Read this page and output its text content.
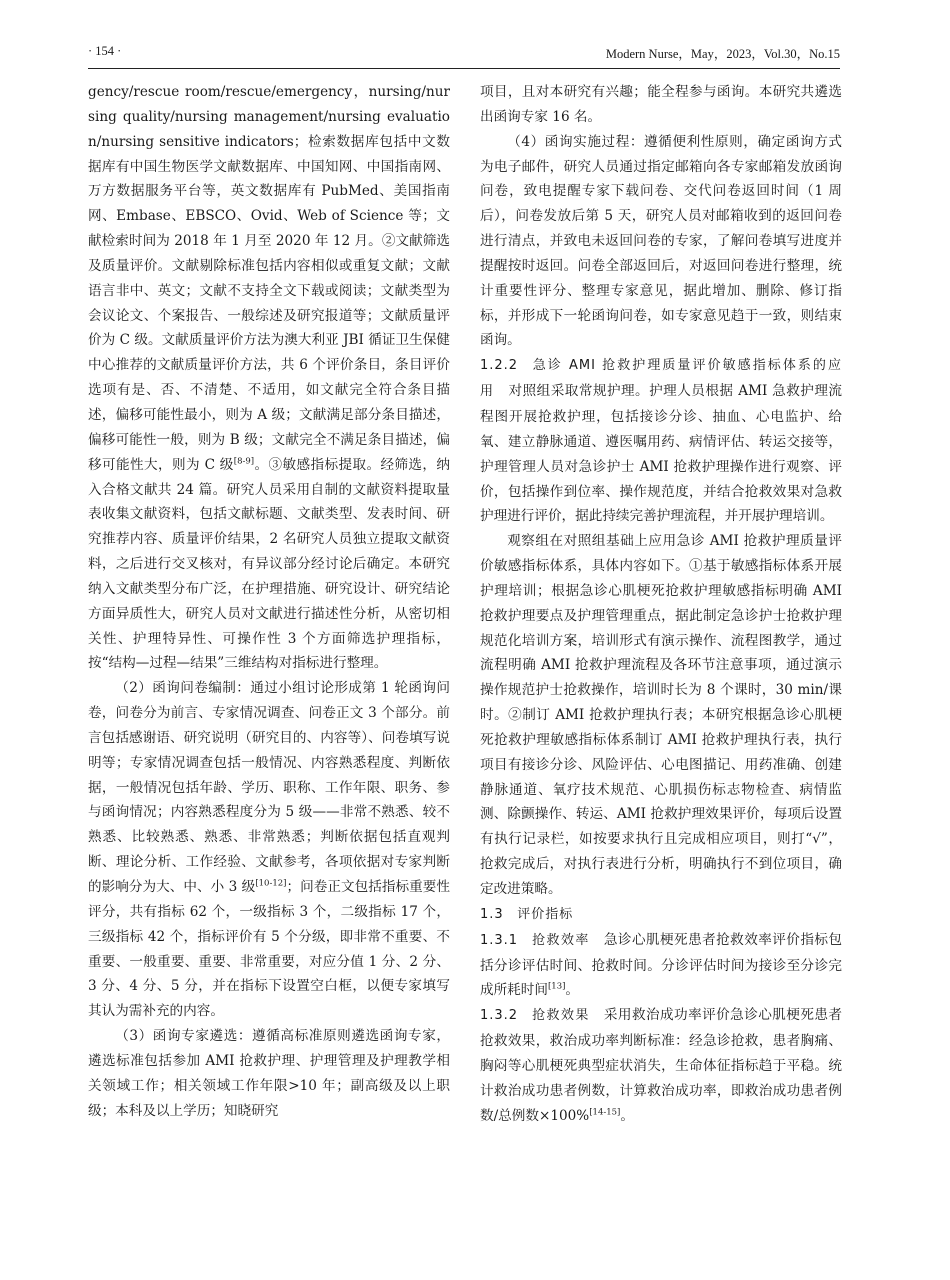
· 154 ·	Modern Nurse，May，2023，Vol.30，No.15

gency/rescue room/rescue/emergency，nursing/nursing quality/nursing management/nursing evaluation/nursing sensitive indicators；检索数据库包括中文数据库有中国生物医学文献数据库、中国知网、中国指南网、万方数据服务平台等，英文数据库有 PubMed、美国指南网、Embase、EBSCO、Ovid、Web of Science 等；文献检索时间为 2018 年 1 月至 2020 年 12 月。②文献筛选及质量评价。文献剔除标准包括内容相似或重复文献；文献语言非中、英文；文献不支持全文下载或阅读；文献类型为会议论文、个案报告、一般综述及研究报道等；文献质量评价为 C 级。文献质量评价方法为澳大利亚 JBI 循证卫生保健中心推荐的文献质量评价方法，共 6 个评价条目，条目评价选项有是、否、不清楚、不适用，如文献完全符合条目描述，偏移可能性最小，则为 A 级；文献满足部分条目描述，偏移可能性一般，则为 B 级；文献完全不满足条目描述，偏移可能性大，则为 C 级[8-9]。③敏感指标提取。经筛选，纳入合格文献共 24 篇。研究人员采用自制的文献资料提取量表收集文献资料，包括文献标题、文献类型、发表时间、研究推荐内容、质量评价结果，2 名研究人员独立提取文献资料，之后进行交叉核对，有异议部分经讨论后确定。本研究纳入文献类型分布广泛，在护理措施、研究设计、研究结论方面异质性大，研究人员对文献进行描述性分析，从密切相关性、护理特异性、可操作性 3 个方面筛选护理指标，按“结构—过程—结果”三维结构对指标进行整理。

（2）函询问卷编制：通过小组讨论形成第 1 轮函询问卷，问卷分为前言、专家情况调查、问卷正文 3 个部分。前言包括感谢语、研究说明（研究目的、内容等）、问卷填写说明等；专家情况调查包括一般情况、内容熟悉程度、判断依据，一般情况包括年龄、学历、职称、工作年限、职务、参与函询情况；内容熟悉程度分为 5 级——非常不熟悉、较不熟悉、比较熟悉、熟悉、非常熟悉；判断依据包括直观判断、理论分析、工作经验、文献参考，各项依据对专家判断的影响分为大、中、小 3 级[10-12]；问卷正文包括指标重要性评分，共有指标 62 个，一级指标 3 个，二级指标 17 个，三级指标 42 个，指标评价有 5 个分级，即非常不重要、不重要、一般重要、重要、非常重要，对应分值 1 分、2 分、3 分、4 分、5 分，并在指标下设置空白框，以便专家填写其认为需补充的内容。

（3）函询专家遴选：遵循高标准原则遴选函询专家，遴选标准包括参加 AMI 抢救护理、护理管理及护理教学相关领域工作；相关领域工作年限>10 年；副高级及以上职级；本科及以上学历；知晓研究

项目，且对本研究有兴趣；能全程参与函询。本研究共遴选出函询专家 16 名。

（4）函询实施过程：遵循便利性原则，确定函询方式为电子邮件，研究人员通过指定邮箱向各专家邮箱发放函询问卷，致电提醒专家下载问卷、交代问卷返回时间（1 周后），问卷发放后第 5 天，研究人员对邮箱收到的返回问卷进行清点，并致电未返回问卷的专家，了解问卷填写进度并提醒按时返回。问卷全部返回后，对返回问卷进行整理，统计重要性评分、整理专家意见，据此增加、删除、修订指标，并形成下一轮函询问卷，如专家意见趋于一致，则结束函询。

1.2.2  急诊 AMI 抢救护理质量评价敏感指标体系的应用  对照组采取常规护理。护理人员根据 AMI 急救护理流程图开展抢救护理，包括接诊分诊、抽血、心电监护、给氧、建立静脉通道、遵医嘱用药、病情评估、转运交接等，护理管理人员对急诊护士 AMI 抢救护理操作进行观察、评价，包括操作到位率、操作规范度，并结合抢救效果对急救护理进行评价，据此持续完善护理流程，并开展护理培训。

观察组在对照组基础上应用急诊 AMI 抢救护理质量评价敏感指标体系，具体内容如下。①基于敏感指标体系开展护理培训；根据急诊心肌梗死抢救护理敏感指标明确 AMI 抢救护理要点及护理管理重点，据此制定急诊护士抢救护理规范化培训方案，培训形式有演示操作、流程图教学，通过流程明确 AMI 抢救护理流程及各环节注意事项，通过演示操作规范护士抢救操作，培训时长为 8 个课时，30 min/课时。②制订 AMI 抢救护理执行表；本研究根据急诊心肌梗死抢救护理敏感指标体系制订 AMI 抢救护理执行表，执行项目有接诊分诊、风险评估、心电图描记、用药准确、创建静脉通道、氧疗技术规范、心肌损伤标志物检查、病情监测、除颤操作、转运、AMI 抢救护理效果评价，每项后设置有执行记录栏，如按要求执行且完成相应项目，则打“√”，抢救完成后，对执行表进行分析，明确执行不到位项目，确定改进策略。

1.3  评价指标

1.3.1  抢救效率  急诊心肌梗死患者抢救效率评价指标包括分诊评估时间、抢救时间。分诊评估时间为接诊至分诊完成所耗时间[13]。

1.3.2  抢救效果  采用救治成功率评价急诊心肌梗死患者抢救效果，救治成功率判断标准：经急诊抢救，患者胸痛、胸闷等心肌梗死典型症状消失，生命体征指标趋于平稳。统计救治成功患者例数，计算救治成功率，即救治成功患者例数/总例数×100%[14-15]。
